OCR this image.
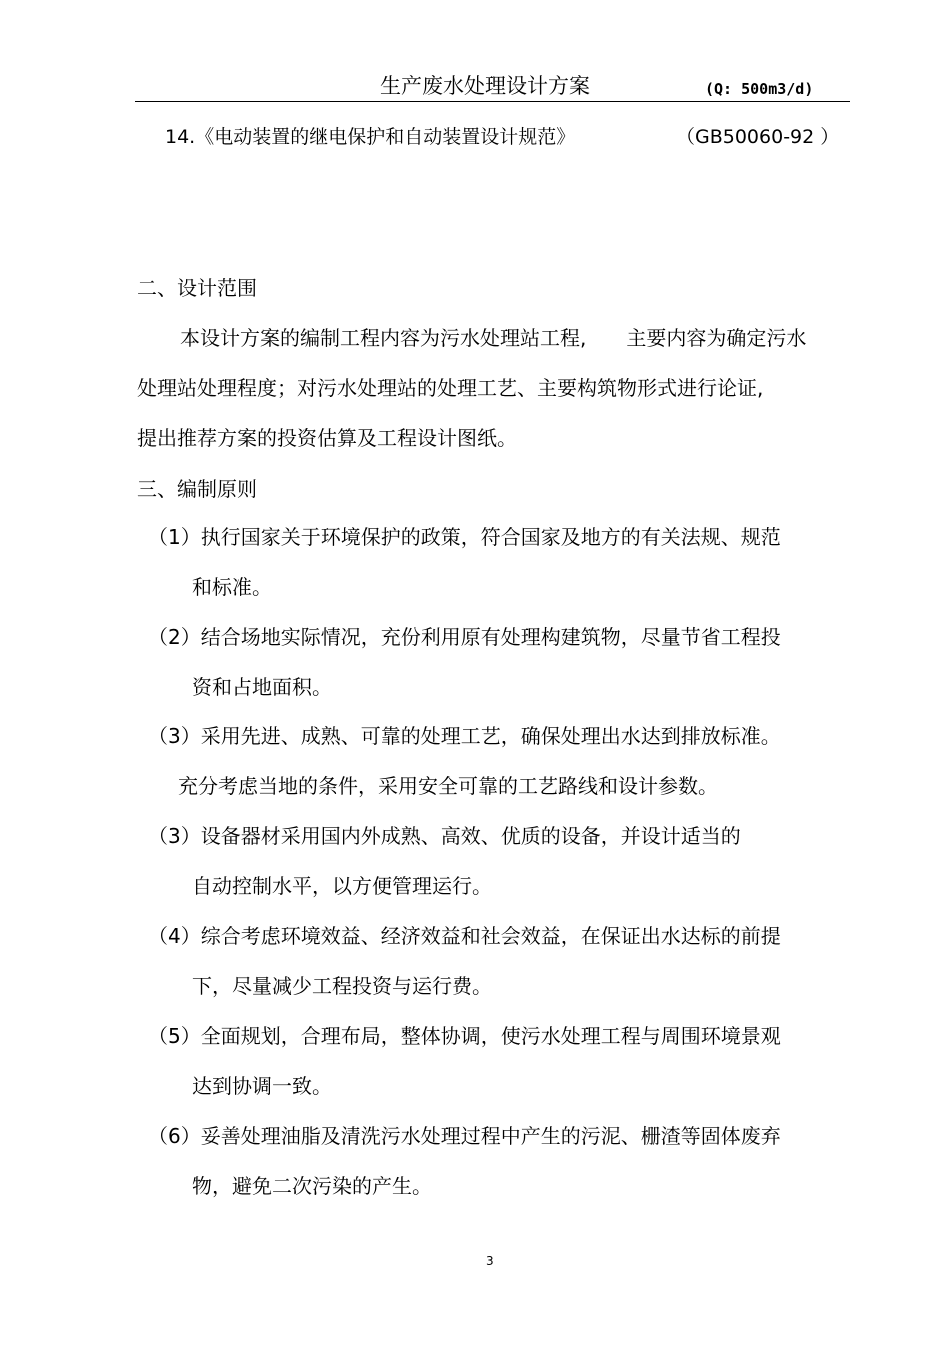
生产废水处理设计方案	(Q: 500m3/d)
14.《电动装置的继电保护和自动装置设计规范》	（GB50060-92 ）
二、设计范围
本设计方案的编制工程内容为污水处理站工程,　　主要内容为确定污水
处理站处理程度；对污水处理站的处理工艺、主要构筑物形式进行论证,
提出推荐方案的投资估算及工程设计图纸。
三、编制原则
（1）执行国家关于环境保护的政策，符合国家及地方的有关法规、规范
和标准。
（2）结合场地实际情况，充份利用原有处理构建筑物，尽量节省工程投
资和占地面积。
（3）采用先进、成熟、可靠的处理工艺，确保处理出水达到排放标准。
充分考虑当地的条件，采用安全可靠的工艺路线和设计参数。
（3）设备器材采用国内外成熟、高效、优质的设备，并设计适当的
自动控制水平，以方便管理运行。
（4）综合考虑环境效益、经济效益和社会效益，在保证出水达标的前提
下，尽量减少工程投资与运行费。
（5）全面规划，合理布局，整体协调，使污水处理工程与周围环境景观
达到协调一致。
（6）妥善处理油脂及清洗污水处理过程中产生的污泥、栅渣等固体废弃
物，避免二次污染的产生。
3
